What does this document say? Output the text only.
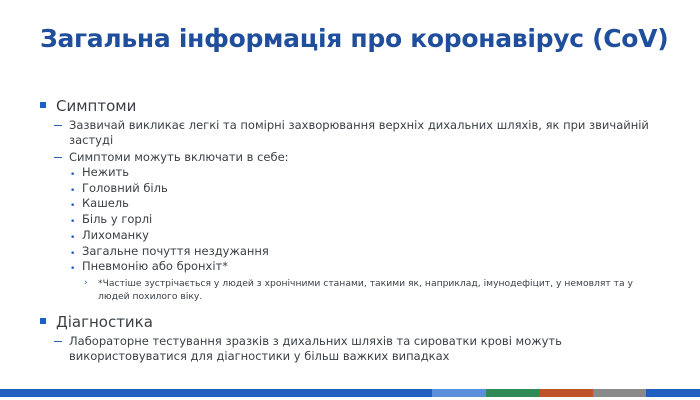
Загальна інформація про коронавірус (CoV)
Симптоми
Зазвичай викликає легкі та помірні захворювання верхніх дихальних шляхів, як при звичайній застуді
Симптоми можуть включати в себе:
• Нежить
• Головний біль
• Кашель
• Біль у горлі
• Лихоманку
• Загальне почуття нездужання
• Пневмонію або бронхіт*
› *Частіше зустрічається у людей з хронічними станами, такими як, наприклад, імунодефіцит, у немовлят та у людей похилого віку.
Діагностика
Лабораторне тестування зразків з дихальних шляхів та сироватки крові можуть використовуватися для діагностики у більш важких випадках
